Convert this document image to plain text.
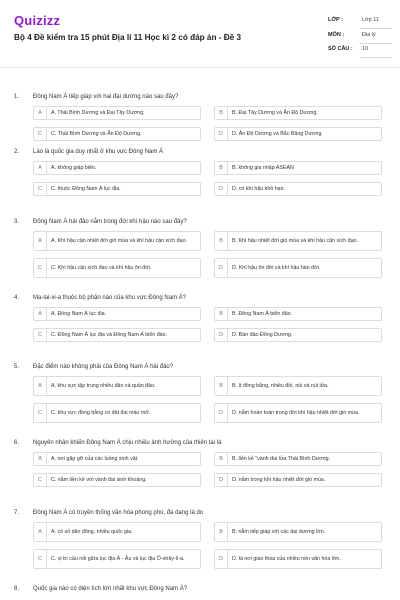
Quizizz
Bộ 4 Đề kiểm tra 15 phút Địa lí 11 Học kì 2 có đáp án - Đề 3
LỚP :	Lớp 11
MÔN :	Địa lý
SỐ CÂU : 10
1. Đông Nam Á tiếp giáp với hai đại dương nào sau đây?
A	A. Thái Bình Dương và Đại Tây Dương.	B	B. Đại Tây Dương và Ấn Độ Dương.
C	C. Thái Bình Dương và Ấn Độ Dương.	D	D. Ấn Độ Dương và Bắc Băng Dương.
2. Lào là quốc gia duy nhất ở khu vực Đông Nam Á
A	A. không giáp biển.	B	B. không gia nhập ASEAN
C	C. thuộc Đông Nam Á lục địa.	D	D. có khí hậu khô hạn.
3. Đông Nam Á hải đảo nằm trong đới khí hậu nào sau đây?
A	A. Khí hậu cận nhiệt đới gió mùa và khí hậu cận xích đạo.	B	B. Khí hậu nhiệt đới gió mùa và khí hậu cận xích đạo.
C	C. Khí hậu cận xích đạo và khí hậu ôn đới.	D	D. Khí hậu ôn đới và khí hậu hàn đới.
4. Ma-lai-xi-a thuộc bộ phận nào của khu vực Đông Nam Á?
A	A. Đông Nam Á lục địa.	B	B. Đông Nam Á biển đảo.
C	C. Đông Nam Á lục địa và Đông Nam Á biển đảo.	D	D. Bán đảo Đông Dương.
5. Đặc điểm nào không phải của Đông Nam Á hải đảo?
A	A. khu vực tập trung nhiều đảo và quần đảo.	B	B. ít đồng bằng, nhiều đồi, núi và núi lửa.
C	C. khu vực đồng bằng có đất đai màu mỡ.	D	D. nằm hoàn toàn trong đới khí hậu nhiệt đới gió mùa.
6. Nguyên nhân khiến Đông Nam Á chịu nhiều ảnh hưởng của thiên tai là
A	A. nơi gặp gỡ của các luồng sinh vật.	B	B. liền kề "vành đai lửa Thái Bình Dương.
C	C. nằm liền kề với vành đai sinh khoáng.	D	D. nằm trong khí hậu nhiệt đới gió mùa.
7. Đông Nam Á có truyền thống văn hóa phong phú, đa dạng là do
A	A. có số dân đông, nhiều quốc gia.	B	B. nằm tiếp giáp với các đại dương lớn.
C	C. vị trí cầu nối giữa lục địa Á - Âu và lục địa Ô-xtrây-li-a.	D	D. là nơi giao thoa của nhiều nền văn hóa lớn.
8. Quốc gia nào có diện tích lớn nhất khu vực Đông Nam Á?
